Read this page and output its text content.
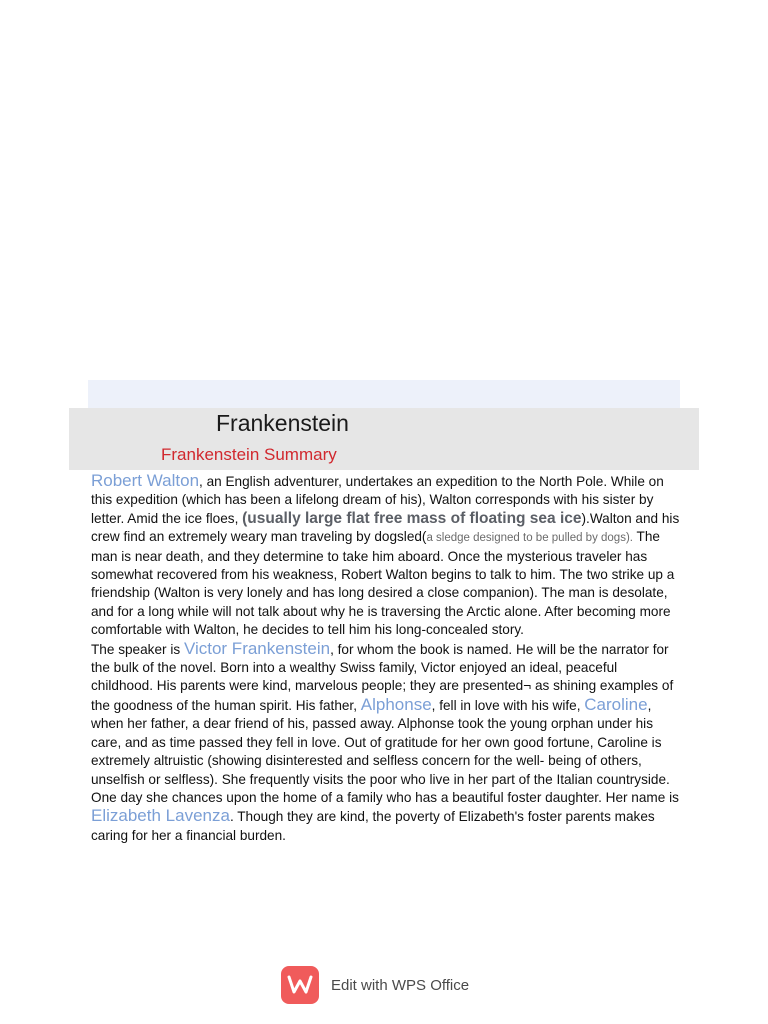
Frankenstein
Frankenstein Summary

Robert Walton, an English adventurer, undertakes an expedition to the North Pole. While on this expedition (which has been a lifelong dream of his), Walton corresponds with his sister by letter. Amid the ice floes, (usually large flat free mass of floating sea ice).Walton and his crew find an extremely weary man traveling by dogsled(a sledge designed to be pulled by dogs). The man is near death, and they determine to take him aboard. Once the mysterious traveler has somewhat recovered from his weakness, Robert Walton begins to talk to him. The two strike up a friendship (Walton is very lonely and has long desired a close companion). The man is desolate, and for a long while will not talk about why he is traversing the Arctic alone. After becoming more comfortable with Walton, he decides to tell him his long-concealed story.

The speaker is Victor Frankenstein, for whom the book is named. He will be the narrator for the bulk of the novel. Born into a wealthy Swiss family, Victor enjoyed an ideal, peaceful childhood. His parents were kind, marvelous people; they are presented¬ as shining examples of the goodness of the human spirit. His father, Alphonse, fell in love with his wife, Caroline, when her father, a dear friend of his, passed away. Alphonse took the young orphan under his care, and as time passed they fell in love. Out of gratitude for her own good fortune, Caroline is extremely altruistic (showing disinterested and selfless concern for the well- being of others, unselfish or selfless). She frequently visits the poor who live in her part of the Italian countryside. One day she chances upon the home of a family who has a beautiful foster daughter. Her name is Elizabeth Lavenza. Though they are kind, the poverty of Elizabeth's foster parents makes caring for her a financial burden.

Edit with WPS Office
